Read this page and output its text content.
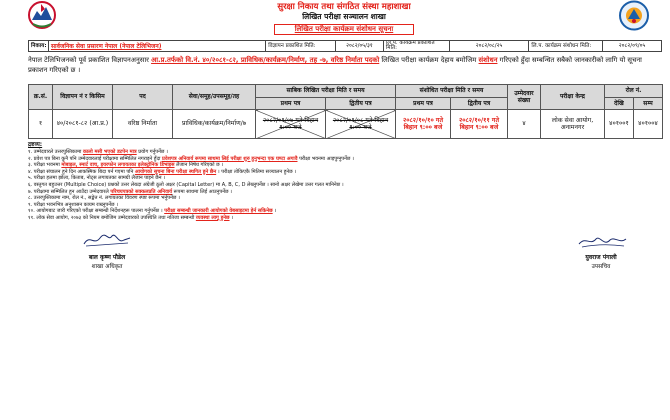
सुरक्षा निकाय तथा संगठित संस्था महाशाखा
लिखित परीक्षा सञ्चालन शाखा
लिखित परीक्षा कार्यक्रम संशोधन सूचना
निकाय: सार्वजनिक सेवा प्रसारण नेपाल (नेपाल टेलिभिजन)	विज्ञापन प्रकाशित मिति:	२०८२/०५/३१	लि.प. कार्यक्रम प्रकाशित मिति:	२०८२/०८/२५	लि.प. कार्यक्रम संशोधन मिति:	२०८२/०९/०५
नेपाल टेलिभिजनको पूर्व प्रकाशित विज्ञापनअनुसार आ.प्र.तर्फको वि.नं. ४०/२०८१-८२, प्राविधिक/कार्यक्रम/निर्माण, तह -७, वरिष्ठ निर्माता पदको लिखित परीक्षा कार्यक्रम देहाय बमोजिम संशोधन गरिएको हुँदा सम्बन्धित सबैको जानकारीको लागि यो सूचना प्रकाशन गरिएको छ ।
क्र.सं.	विज्ञापन नं र किसिम	पद	सेवा/समूह/उपसमूह/तह	साबिक लिखित परीक्षा मिति र समय		संशोधित परीक्षा मिति र समय		उम्मेदवार संख्या	परीक्षा केन्द्र	रोल नं.	
				प्रथम पत्र	द्वितीय पत्र	प्रथम पत्र	द्वितीय पत्र			देखि	सम्म
१	४०/२०८१-८२ (आ.प्र.)	वरिष्ठ निर्माता	प्राविधिक/कार्यक्रम/निर्माण/७	२०८२/०९/०७ गते बिहान ९:०० बजे	२०८२/०९/०८ गते बिहान ९:०० बजे	२०८२/१०/१० गते बिहान ९:०० बजे	२०८२/१०/११ गते बिहान ९:०० बजे	४	लोक सेवा आयोग, अनामनगर	४०१००१	४०१००४
द्रष्टव्य:
१. उम्मेदवारले उत्तरपुस्तिकामा कालो मसी भएको डटपेन मात्र प्रयोग गर्नुपर्नेछ ।
२. प्रवेश पत्र बिना कुनै पनि उम्मेदवारलाई परीक्षामा सम्मिलित नगराइने हुँदा प्रवेशपत्र अनिवार्य रूपमा साथमा लिई परीक्षा शुरु हुनुभन्दा एक घण्टा अगावै परीक्षा भवनमा आइपुग्नुपर्नेछ ।
३. परीक्षा भवनमा मोबाइल, स्मार्ट वाच, इयरफोन लगायतका इलेक्ट्रोनिक डिभाइस लैजान निषेध गरिएको छ ।
४. परीक्षा संचालन हुने दिन आकस्मिक बिदा पर्न गएमा पनि आयोगको सूचना बिना परीक्षा स्थगित हुने छैन । परीक्षा तोकिएकै मितिमा सञ्चालन हुनेछ ।
५. परीक्षा हलमा झोला, किताब, नोट्स लगायतका सामग्री लैजान पाइने छैन ।
६. वस्तुगत बहुउत्तर (Multiple Choice) प्रश्नको उत्तर लेख्दा अंग्रेजी ठूलो अक्षर (Capital Letter) मा A, B, C, D लेख्नुपर्नेछ । सानो अक्षर लेखेमा उत्तर गलत मानिनेछ ।
७. परीक्षामा सम्मिलित हुन आउँदा उम्मेदवारले परिचयपत्रको सक्कलप्रति अनिवार्य रूपमा साथमा लिई आउनुपर्नेछ ।
८. उत्तरपुस्तिकामा नाम, रोल नं., सङ्केत नं. लगायतका विवरण स्पष्ट रूपमा भर्नुपर्नेछ ।
९. परीक्षा भवनभित्र अनुशासन कायम राख्नुपर्नेछ ।
१०. आयोगबाट जारी गरिएको परीक्षा सम्बन्धी निर्देशनहरू पालना गर्नुपर्नेछ । परीक्षा सम्बन्धी जानकारी आयोगको वेबसाइटमा हेर्न सकिनेछ ।
११. लोक सेवा आयोग, २०७३ को नियम बमोजिम उम्मेदवारको उपस्थिति तथा नतिजा सम्बन्धी व्यवस्था लागू हुनेछ ।
बाल कृष्ण पौडेल
शाखा अधिकृत
युवराज पंगाली
उपसचिव
